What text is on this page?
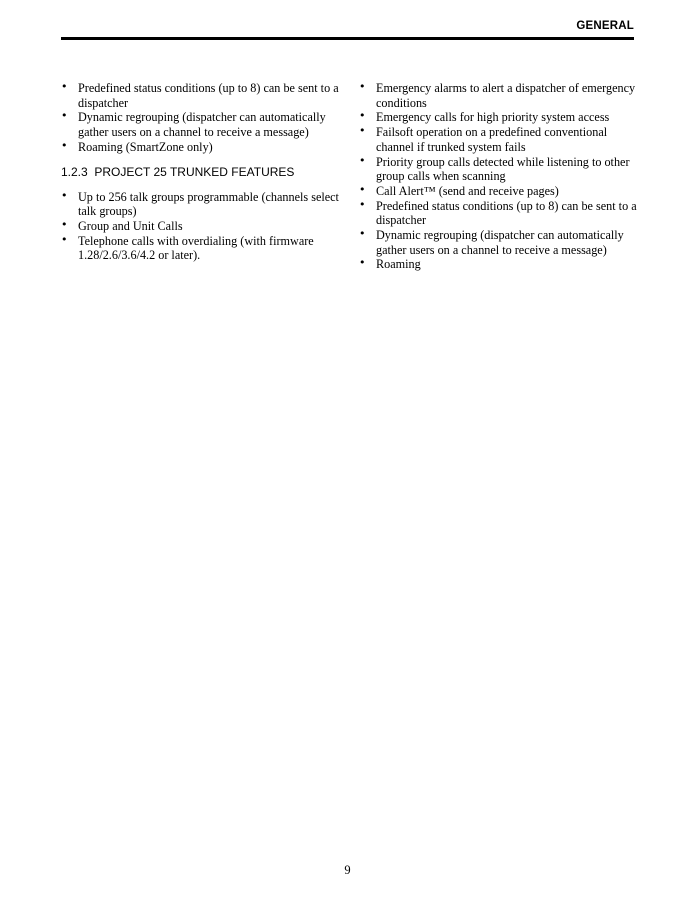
GENERAL
• Predefined status conditions (up to 8) can be sent to a dispatcher
• Dynamic regrouping (dispatcher can automatically gather users on a channel to receive a message)
• Roaming (SmartZone only)
1.2.3 PROJECT 25 TRUNKED FEATURES
• Up to 256 talk groups programmable (channels select talk groups)
• Group and Unit Calls
• Telephone calls with overdialing (with firmware 1.28/2.6/3.6/4.2 or later).
• Emergency alarms to alert a dispatcher of emergency conditions
• Emergency calls for high priority system access
• Failsoft operation on a predefined conventional channel if trunked system fails
• Priority group calls detected while listening to other group calls when scanning
• Call Alert™ (send and receive pages)
• Predefined status conditions (up to 8) can be sent to a dispatcher
• Dynamic regrouping (dispatcher can automatically gather users on a channel to receive a message)
• Roaming
9
